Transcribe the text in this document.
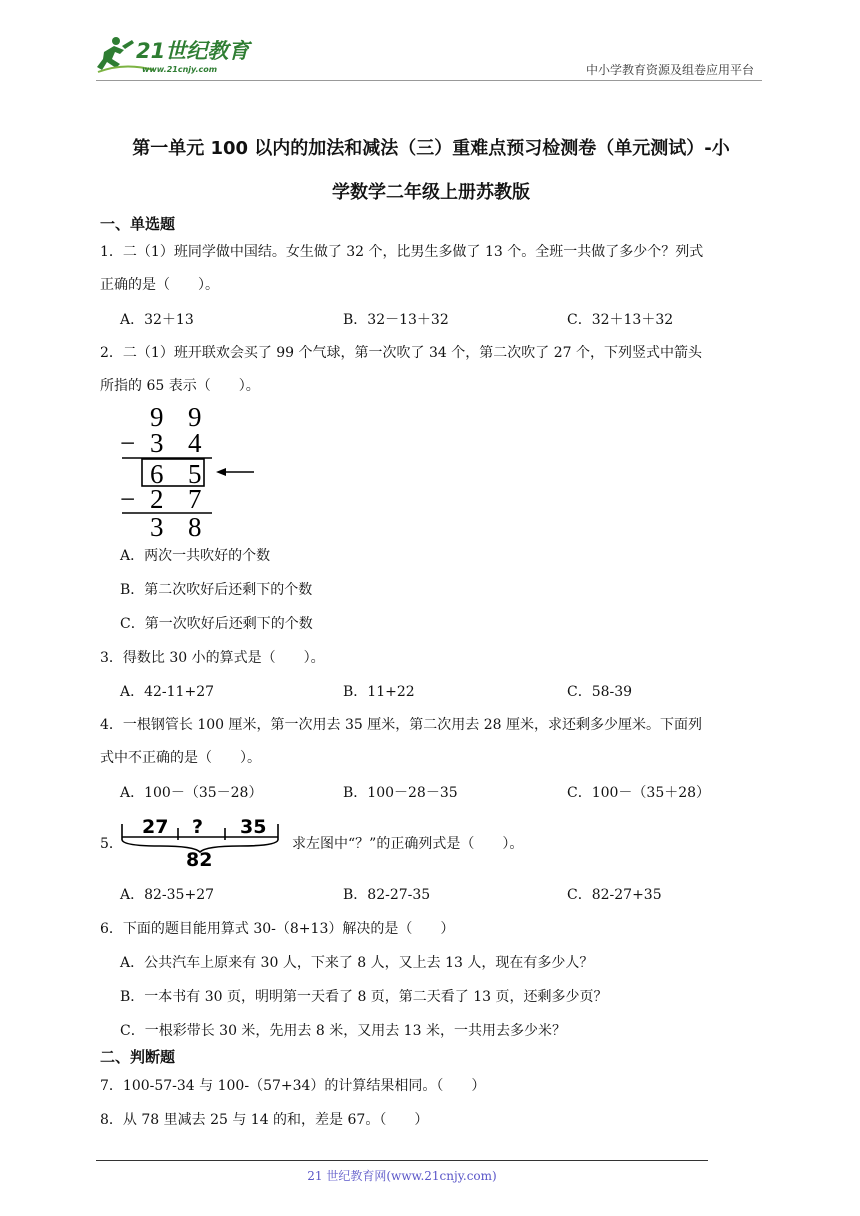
21世纪教育
www.21cnjy.com	中小学教育资源及组卷应用平台
第一单元 100 以内的加法和减法（三）重难点预习检测卷（单元测试）-小
学数学二年级上册苏教版
一、单选题
1．二（1）班同学做中国结。女生做了 32 个，比男生多做了 13 个。全班一共做了多少个？列式
正确的是（　　）。
A．32＋13	B．32－13＋32	C．32＋13＋32
2．二（1）班开联欢会买了 99 个气球，第一次吹了 34 个，第二次吹了 27 个，下列竖式中箭头
所指的 65 表示（　　）。
9 9
− 3 4
6 5
− 2 7
3 8
A．两次一共吹好的个数
B．第二次吹好后还剩下的个数
C．第一次吹好后还剩下的个数
3．得数比 30 小的算式是（　　）。
A．42-11+27	B．11+22	C．58-39
4．一根钢管长 100 厘米，第一次用去 35 厘米，第二次用去 28 厘米，求还剩多少厘米。下面列
式中不正确的是（　　）。
A．100－（35－28）	B．100－28－35	C．100－（35＋28）
5．
27 ? 35
82
求左图中“？”的正确列式是（　　）。
A．82-35+27	B．82-27-35	C．82-27+35
6．下面的题目能用算式 30-（8+13）解决的是（　　）
A．公共汽车上原来有 30 人，下来了 8 人，又上去 13 人，现在有多少人？
B．一本书有 30 页，明明第一天看了 8 页，第二天看了 13 页，还剩多少页？
C．一根彩带长 30 米，先用去 8 米，又用去 13 米，一共用去多少米？
二、判断题
7．100-57-34 与 100-（57+34）的计算结果相同。（　　）
8．从 78 里减去 25 与 14 的和，差是 67。（　　）
21 世纪教育网(www.21cnjy.com)
